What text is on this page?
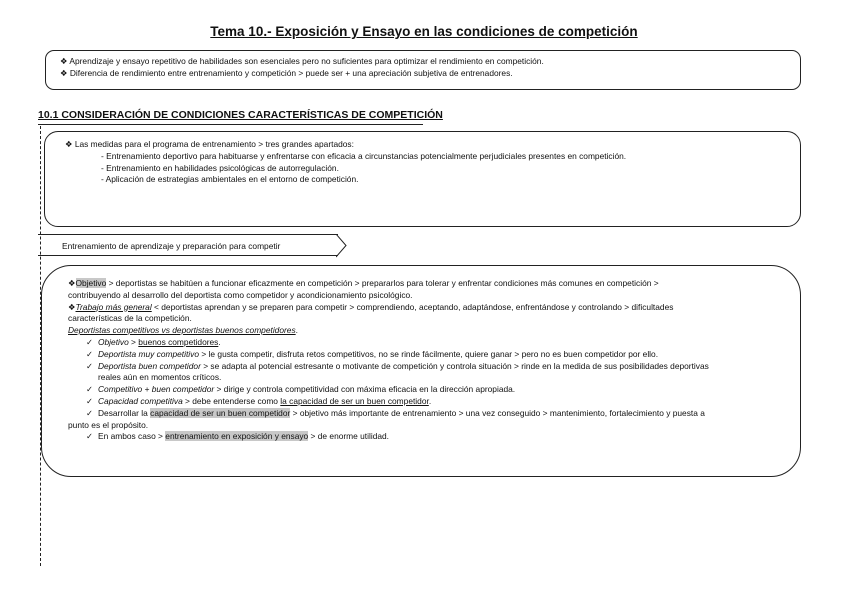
Tema 10.- Exposición y Ensayo en las condiciones de competición
❖ Aprendizaje y ensayo repetitivo de habilidades son esenciales pero no suficientes para optimizar el rendimiento en competición.
❖ Diferencia de rendimiento entre entrenamiento y competición > puede ser + una apreciación subjetiva de entrenadores.
10.1 CONSIDERACIÓN DE CONDICIONES CARACTERÍSTICAS DE COMPETICIÓN
❖ Las medidas para el programa de entrenamiento > tres grandes apartados:
- Entrenamiento deportivo para habituarse y enfrentarse con eficacia a circunstancias potencialmente perjudiciales presentes en competición.
- Entrenamiento en habilidades psicológicas de autorregulación.
- Aplicación de estrategias ambientales en el entorno de competición.
Entrenamiento de aprendizaje y preparación para competir
❖Objetivo > deportistas se habitúen a funcionar eficazmente en competición > prepararlos para tolerar y enfrentar condiciones más comunes en competición >
contribuyendo al desarrollo del deportista como competidor y acondicionamiento psicológico.
❖Trabajo más general < deportistas aprendan y se preparen para competir > comprendiendo, aceptando, adaptándose, enfrentándose y controlando > dificultades
características de la competición.
Deportistas competitivos vs deportistas buenos competidores.
✓ Objetivo > buenos competidores.
✓ Deportista muy competitivo > le gusta competir, disfruta retos competitivos, no se rinde fácilmente, quiere ganar > pero no es buen competidor por ello.
✓ Deportista buen competidor > se adapta al potencial estresante o motivante de competición y controla situación > rinde en la medida de sus posibilidades deportivas
reales aún en momentos críticos.
✓ Competitivo + buen competidor > dirige y controla competitividad con máxima eficacia en la dirección apropiada.
✓ Capacidad competitiva > debe entenderse como la capacidad de ser un buen competidor.
✓ Desarrollar la capacidad de ser un buen competidor > objetivo más importante de entrenamiento > una vez conseguido > mantenimiento, fortalecimiento y puesta a
punto es el propósito.
✓ En ambos caso > entrenamiento en exposición y ensayo > de enorme utilidad.
